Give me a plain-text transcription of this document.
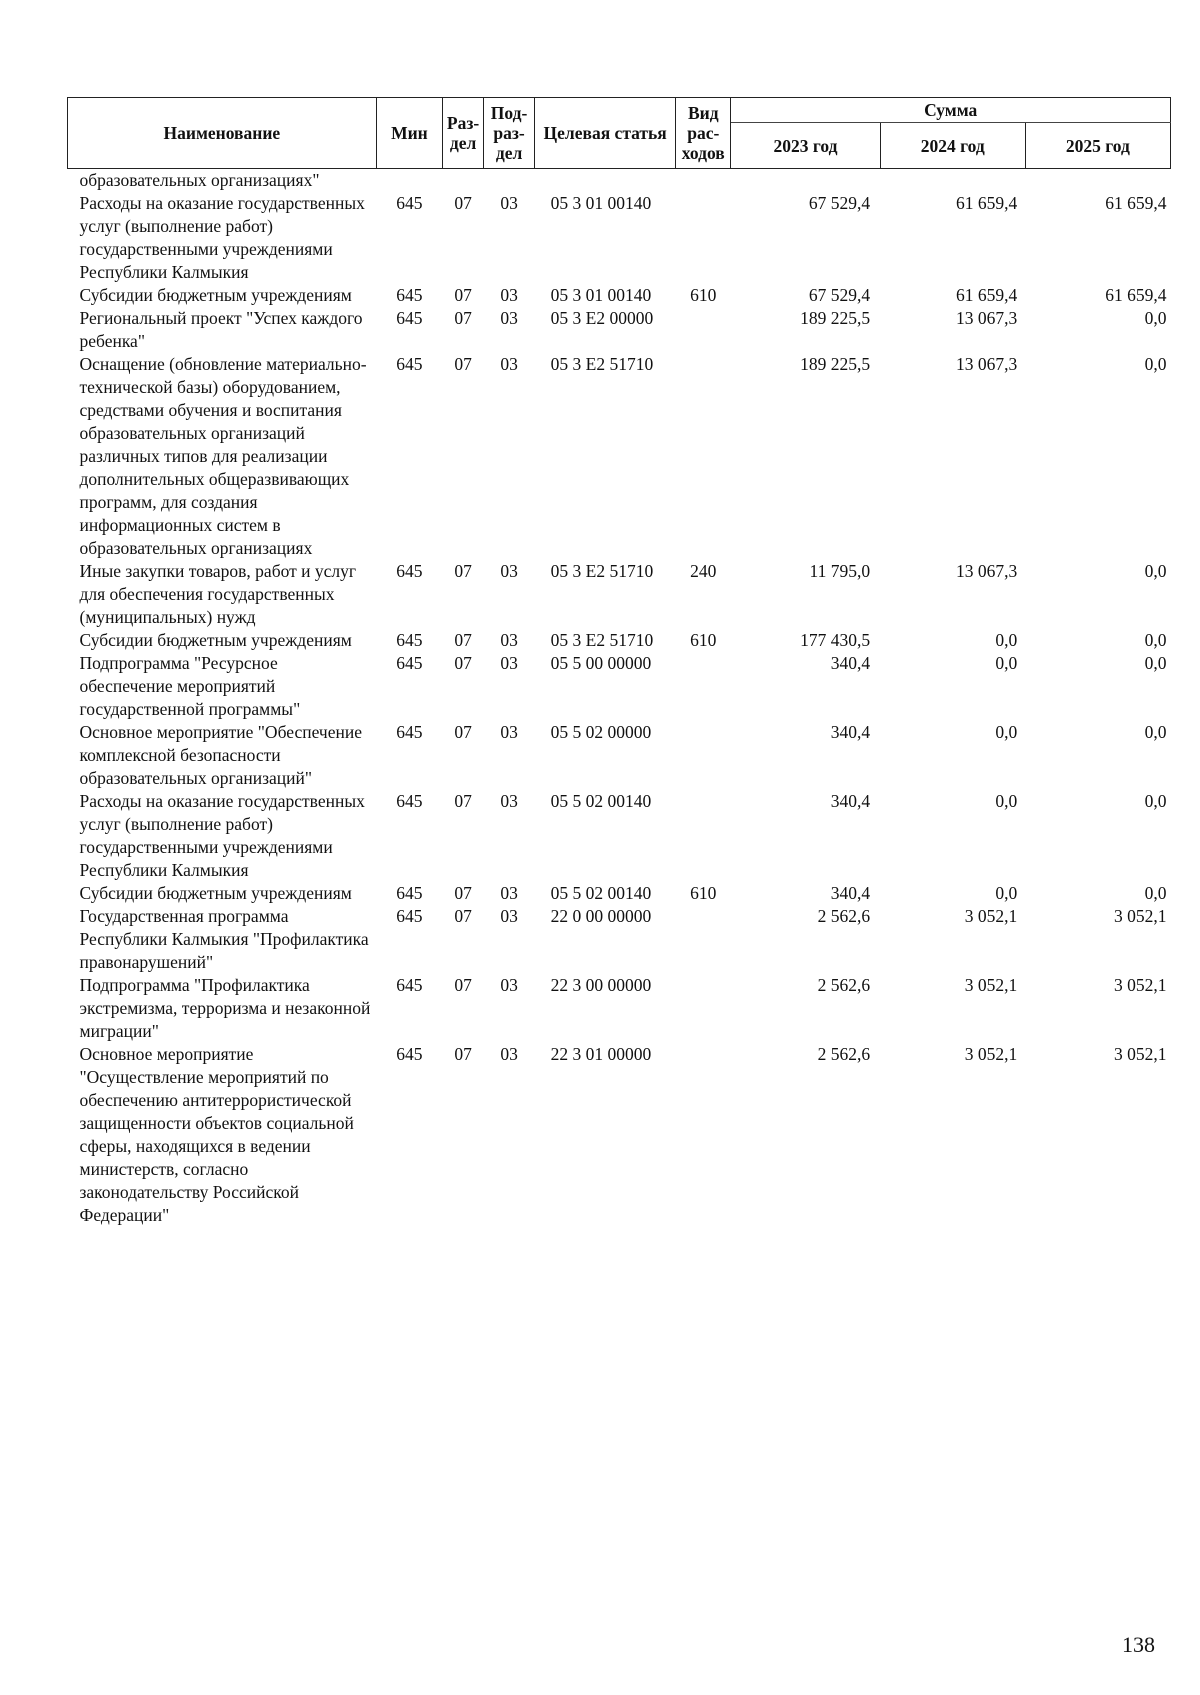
Наименование	Мин	Раз-дел	Под-раз-дел	Целевая статья	Вид рас-ходов	Сумма		
						2023 год	2024 год	2025 год
образовательных организациях"								
Расходы на оказание государственных услуг (выполнение работ) государственными учреждениями Республики Калмыкия	645	07	03	05 3 01 00140		67 529,4	61 659,4	61 659,4
Субсидии бюджетным учреждениям	645	07	03	05 3 01 00140	610	67 529,4	61 659,4	61 659,4
Региональный проект "Успех каждого ребенка"	645	07	03	05 3 E2 00000		189 225,5	13 067,3	0,0
Оснащение (обновление материально-технической базы) оборудованием, средствами обучения и воспитания образовательных организаций различных типов для реализации дополнительных общеразвивающих программ, для создания информационных систем в образовательных организациях	645	07	03	05 3 E2 51710		189 225,5	13 067,3	0,0
Иные закупки товаров, работ и услуг для обеспечения государственных (муниципальных) нужд	645	07	03	05 3 E2 51710	240	11 795,0	13 067,3	0,0
Субсидии бюджетным учреждениям	645	07	03	05 3 E2 51710	610	177 430,5	0,0	0,0
Подпрограмма "Ресурсное обеспечение мероприятий государственной программы"	645	07	03	05 5 00 00000		340,4	0,0	0,0
Основное мероприятие "Обеспечение комплексной безопасности образовательных организаций"	645	07	03	05 5 02 00000		340,4	0,0	0,0
Расходы на оказание государственных услуг (выполнение работ) государственными учреждениями Республики Калмыкия	645	07	03	05 5 02 00140		340,4	0,0	0,0
Субсидии бюджетным учреждениям	645	07	03	05 5 02 00140	610	340,4	0,0	0,0
Государственная программа Республики Калмыкия "Профилактика правонарушений"	645	07	03	22 0 00 00000		2 562,6	3 052,1	3 052,1
Подпрограмма "Профилактика экстремизма, терроризма и незаконной миграции"	645	07	03	22 3 00 00000		2 562,6	3 052,1	3 052,1
Основное мероприятие "Осуществление мероприятий по обеспечению антитеррористической защищенности объектов социальной сферы, находящихся в ведении министерств, согласно законодательству Российской Федерации"	645	07	03	22 3 01 00000		2 562,6	3 052,1	3 052,1
138
